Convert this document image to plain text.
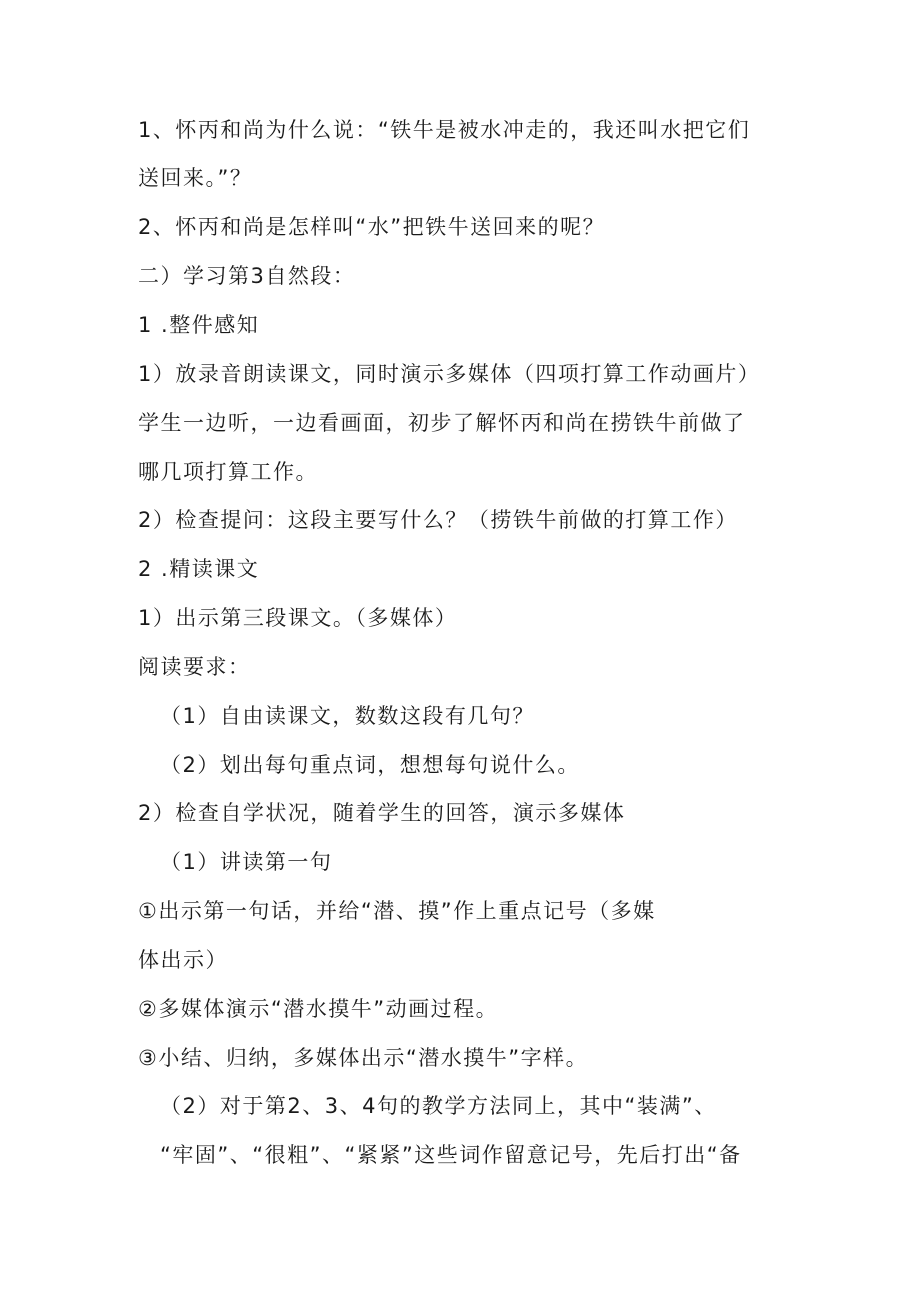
1、怀丙和尚为什么说：“铁牛是被水冲走的，我还叫水把它们
送回来。”？
2、怀丙和尚是怎样叫“水”把铁牛送回来的呢？
二）学习第3自然段：
1 .整件感知
1）放录音朗读课文，同时演示多媒体（四项打算工作动画片）
学生一边听，一边看画面，初步了解怀丙和尚在捞铁牛前做了
哪几项打算工作。
2）检查提问：这段主要写什么？（捞铁牛前做的打算工作）
2 .精读课文
1）出示第三段课文。（多媒体）
阅读要求：
（1）自由读课文，数数这段有几句？
（2）划出每句重点词，想想每句说什么。
2）检查自学状况，随着学生的回答，演示多媒体
（1）讲读第一句
①出示第一句话，并给“潜、摸”作上重点记号（多媒
体出示）
②多媒体演示“潜水摸牛”动画过程。
③小结、归纳，多媒体出示“潜水摸牛”字样。
（2）对于第2、3、4句的教学方法同上，其中“装满”、
“牢固”、“很粗”、“紧紧”这些词作留意记号，先后打出“备
